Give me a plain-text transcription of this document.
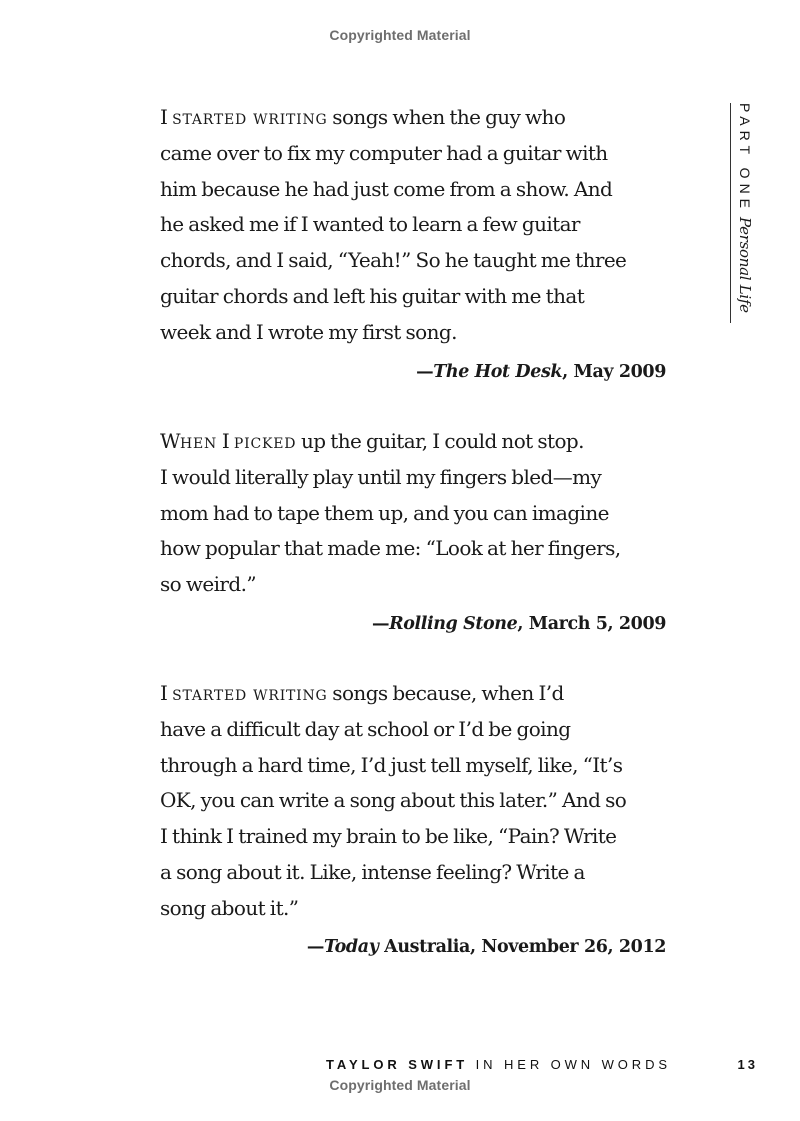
Copyrighted Material
PART ONEPersonal Life
I started writing songs when the guy who
came over to fix my computer had a guitar with
him because he had just come from a show. And
he asked me if I wanted to learn a few guitar
chords, and I said, “Yeah!” So he taught me three
guitar chords and left his guitar with me that
week and I wrote my first song.
—The Hot Desk, May 2009
When I picked up the guitar, I could not stop.
I would literally play until my fingers bled—my
mom had to tape them up, and you can imagine
how popular that made me: “Look at her fingers,
so weird.”
—Rolling Stone, March 5, 2009
I started writing songs because, when I’d
have a difficult day at school or I’d be going
through a hard time, I’d just tell myself, like, “It’s
OK, you can write a song about this later.” And so
I think I trained my brain to be like, “Pain? Write
a song about it. Like, intense feeling? Write a
song about it.”
—Today Australia, November 26, 2012
TAYLOR SWIFT IN HER OWN WORDS	13
Copyrighted Material
